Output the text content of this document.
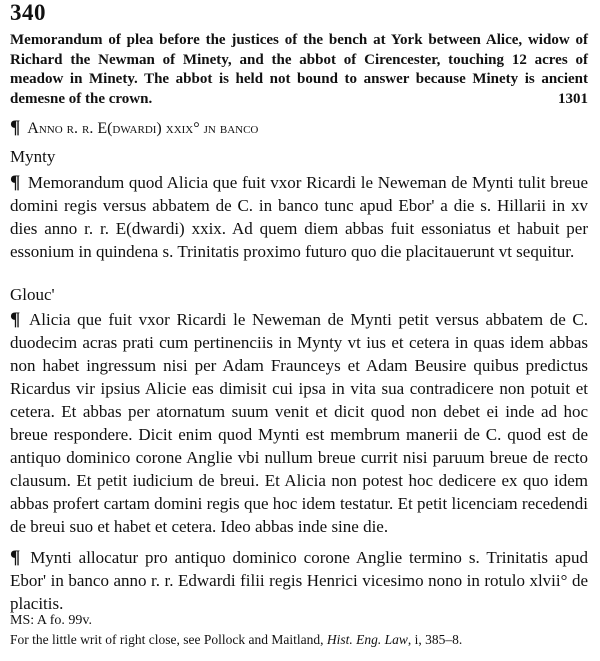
340
Memorandum of plea before the justices of the bench at York between Alice, widow of Richard the Newman of Minety, and the abbot of Cirencester, touching 12 acres of meadow in Minety. The abbot is held not bound to answer because Minety is ancient demesne of the crown.	1301
¶ Anno r. r. E(dwardi) xxix° jn banco
Mynty

¶ Memorandum quod Alicia que fuit vxor Ricardi le Neweman de Mynti tulit breue domini regis versus abbatem de C. in banco tunc apud Ebor' a die s. Hillarii in xv dies anno r. r. E(dwardi) xxix. Ad quem diem abbas fuit essoniatus et habuit per essonium in quindena s. Trinitatis proximo futuro quo die placitauerunt vt sequitur.

Glouc'

¶ Alicia que fuit vxor Ricardi le Neweman de Mynti petit versus abbatem de C. duodecim acras prati cum pertinenciis in Mynty vt ius et cetera in quas idem abbas non habet ingressum nisi per Adam Fraunceys et Adam Beusire quibus predictus Ricardus vir ipsius Alicie eas dimisit cui ipsa in vita sua contradicere non potuit et cetera. Et abbas per atornatum suum venit et dicit quod non debet ei inde ad hoc breue respondere. Dicit enim quod Mynti est membrum manerii de C. quod est de antiquo dominico corone Anglie vbi nullum breue currit nisi paruum breue de recto clausum. Et petit iudicium de breui. Et Alicia non potest hoc dedicere ex quo idem abbas profert cartam domini regis que hoc idem testatur. Et petit licenciam recedendi de breui suo et habet et cetera. Ideo abbas inde sine die.

¶ Mynti allocatur pro antiquo dominico corone Anglie termino s. Trinitatis apud Ebor' in banco anno r. r. Edwardi filii regis Henrici vicesimo nono in rotulo xlvii° de placitis.

MS: A fo. 99v.
For the little writ of right close, see Pollock and Maitland, Hist. Eng. Law, i, 385–8.
